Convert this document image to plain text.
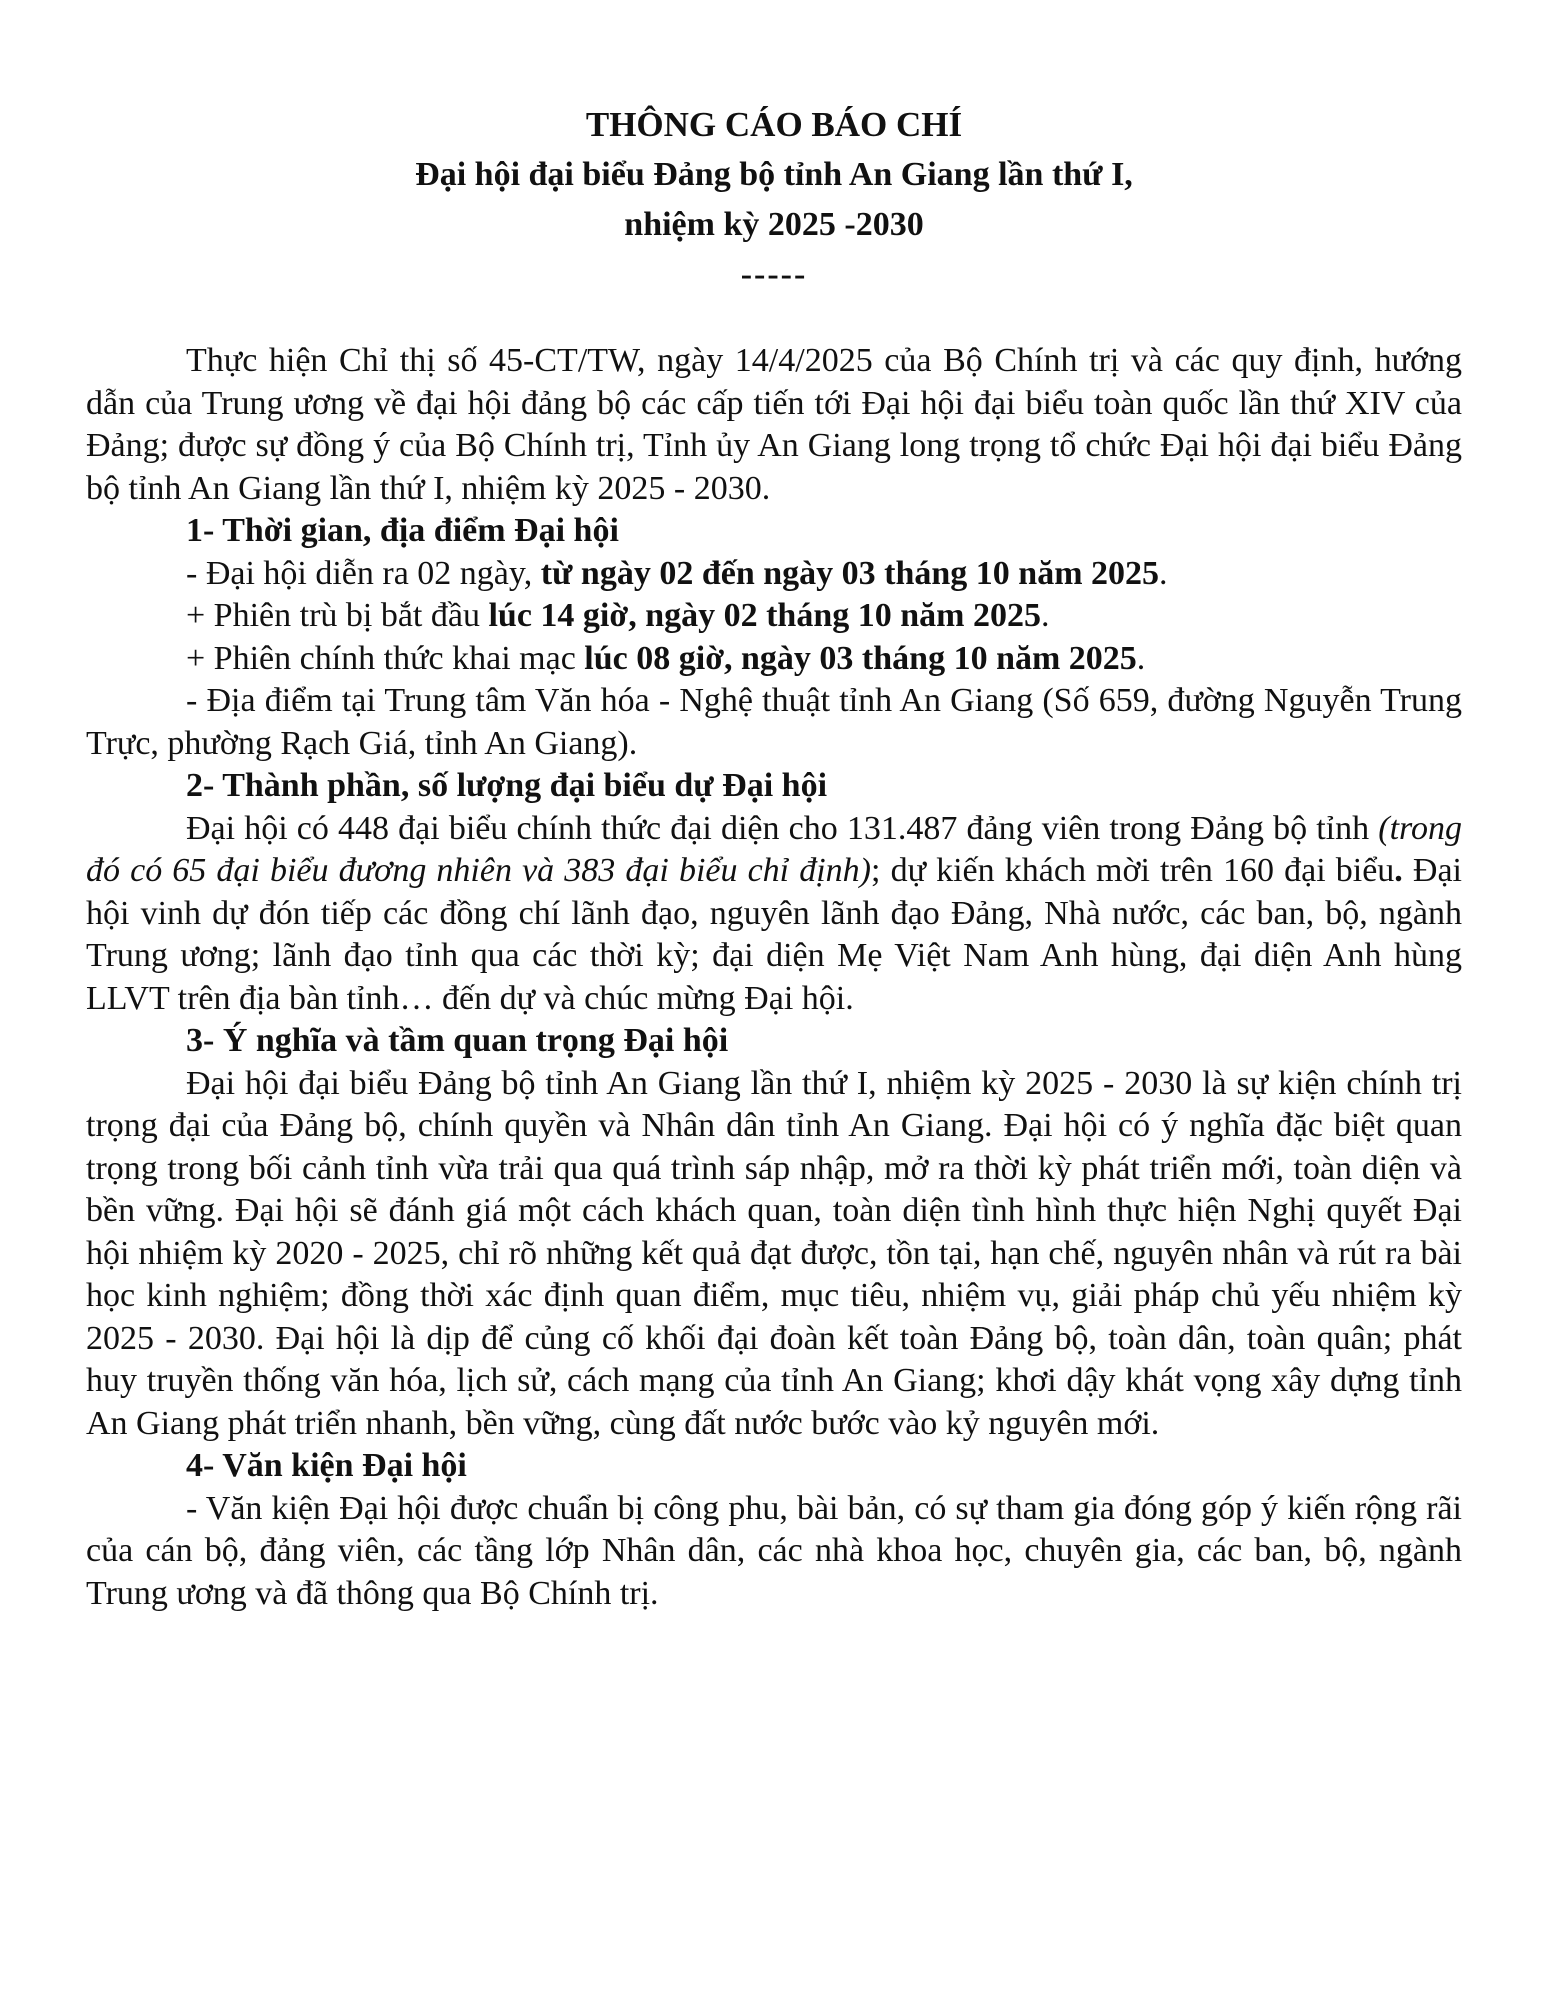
THÔNG CÁO BÁO CHÍ
Đại hội đại biểu Đảng bộ tỉnh An Giang lần thứ I,
nhiệm kỳ 2025 -2030
-----

Thực hiện Chỉ thị số 45-CT/TW, ngày 14/4/2025 của Bộ Chính trị và các quy định, hướng dẫn của Trung ương về đại hội đảng bộ các cấp tiến tới Đại hội đại biểu toàn quốc lần thứ XIV của Đảng; được sự đồng ý của Bộ Chính trị, Tỉnh ủy An Giang long trọng tổ chức Đại hội đại biểu Đảng bộ tỉnh An Giang lần thứ I, nhiệm kỳ 2025 - 2030.

1- Thời gian, địa điểm Đại hội

- Đại hội diễn ra 02 ngày, từ ngày 02 đến ngày 03 tháng 10 năm 2025.

+ Phiên trù bị bắt đầu lúc 14 giờ, ngày 02 tháng 10 năm 2025.

+ Phiên chính thức khai mạc lúc 08 giờ, ngày 03 tháng 10 năm 2025.

- Địa điểm tại Trung tâm Văn hóa - Nghệ thuật tỉnh An Giang (Số 659, đường Nguyễn Trung Trực, phường Rạch Giá, tỉnh An Giang).

2- Thành phần, số lượng đại biểu dự Đại hội

Đại hội có 448 đại biểu chính thức đại diện cho 131.487 đảng viên trong Đảng bộ tỉnh (trong đó có 65 đại biểu đương nhiên và 383 đại biểu chỉ định); dự kiến khách mời trên 160 đại biểu. Đại hội vinh dự đón tiếp các đồng chí lãnh đạo, nguyên lãnh đạo Đảng, Nhà nước, các ban, bộ, ngành Trung ương; lãnh đạo tỉnh qua các thời kỳ; đại diện Mẹ Việt Nam Anh hùng, đại diện Anh hùng LLVT trên địa bàn tỉnh… đến dự và chúc mừng Đại hội.

3- Ý nghĩa và tầm quan trọng Đại hội

Đại hội đại biểu Đảng bộ tỉnh An Giang lần thứ I, nhiệm kỳ 2025 - 2030 là sự kiện chính trị trọng đại của Đảng bộ, chính quyền và Nhân dân tỉnh An Giang. Đại hội có ý nghĩa đặc biệt quan trọng trong bối cảnh tỉnh vừa trải qua quá trình sáp nhập, mở ra thời kỳ phát triển mới, toàn diện và bền vững. Đại hội sẽ đánh giá một cách khách quan, toàn diện tình hình thực hiện Nghị quyết Đại hội nhiệm kỳ 2020 - 2025, chỉ rõ những kết quả đạt được, tồn tại, hạn chế, nguyên nhân và rút ra bài học kinh nghiệm; đồng thời xác định quan điểm, mục tiêu, nhiệm vụ, giải pháp chủ yếu nhiệm kỳ 2025 - 2030. Đại hội là dịp để củng cố khối đại đoàn kết toàn Đảng bộ, toàn dân, toàn quân; phát huy truyền thống văn hóa, lịch sử, cách mạng của tỉnh An Giang; khơi dậy khát vọng xây dựng tỉnh An Giang phát triển nhanh, bền vững, cùng đất nước bước vào kỷ nguyên mới.

4- Văn kiện Đại hội

- Văn kiện Đại hội được chuẩn bị công phu, bài bản, có sự tham gia đóng góp ý kiến rộng rãi của cán bộ, đảng viên, các tầng lớp Nhân dân, các nhà khoa học, chuyên gia, các ban, bộ, ngành Trung ương và đã thông qua Bộ Chính trị.
